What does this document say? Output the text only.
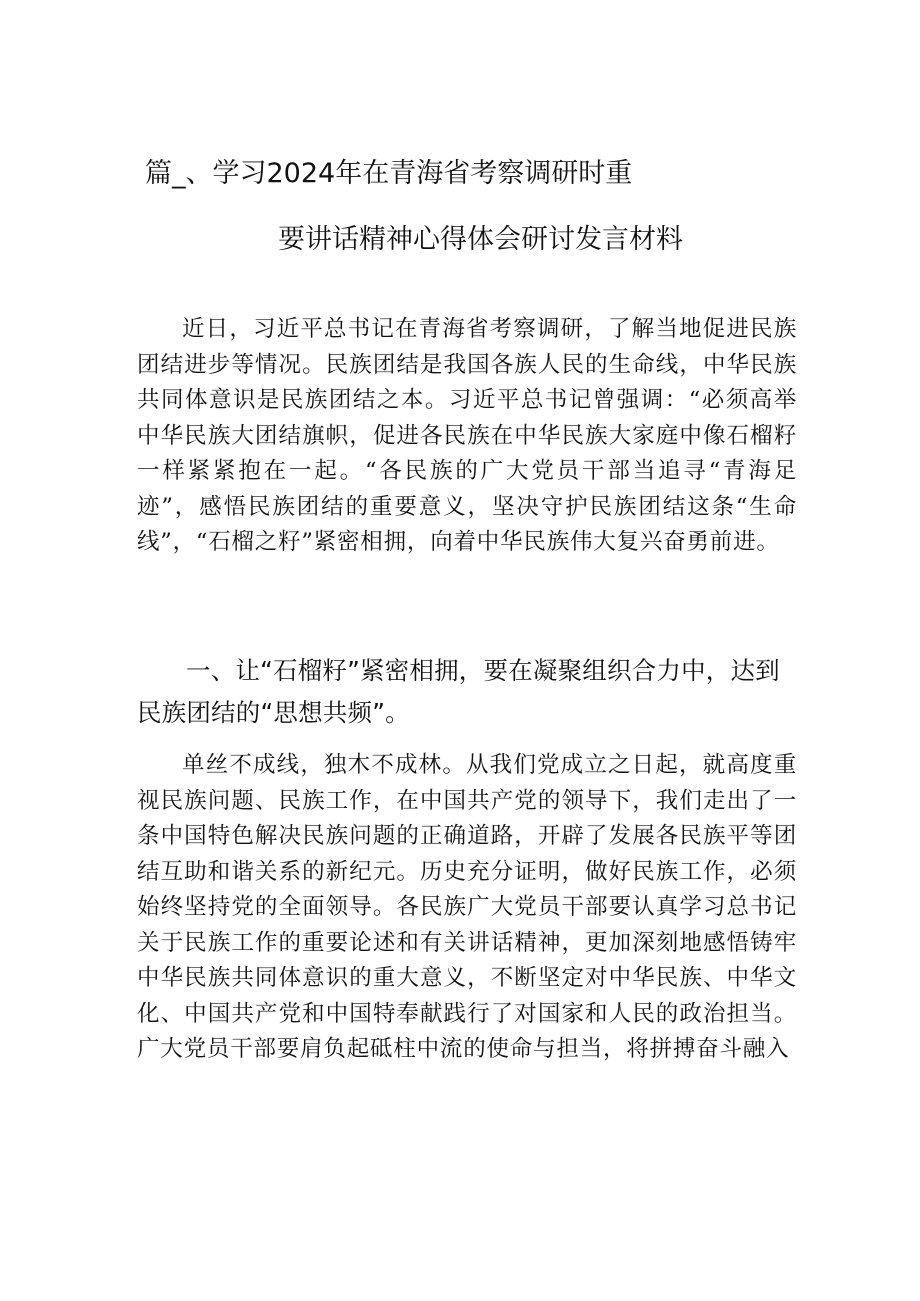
篇_、学习2024年在青海省考察调研时重
要讲话精神心得体会研讨发言材料

近日，习近平总书记在青海省考察调研，了解当地促进民族团结进步等情况。民族团结是我国各族人民的生命线，中华民族共同体意识是民族团结之本。习近平总书记曾强调：“必须高举中华民族大团结旗帜，促进各民族在中华民族大家庭中像石榴籽一样紧紧抱在一起。“各民族的广大党员干部当追寻“青海足迹”，感悟民族团结的重要意义，坚决守护民族团结这条“生命线”，“石榴之籽”紧密相拥，向着中华民族伟大复兴奋勇前进。

一、让“石榴籽”紧密相拥，要在凝聚组织合力中，达到民族团结的“思想共频”。

单丝不成线，独木不成林。从我们党成立之日起，就高度重视民族问题、民族工作，在中国共产党的领导下，我们走出了一条中国特色解决民族问题的正确道路，开辟了发展各民族平等团结互助和谐关系的新纪元。历史充分证明，做好民族工作，必须始终坚持党的全面领导。各民族广大党员干部要认真学习总书记关于民族工作的重要论述和有关讲话精神，更加深刻地感悟铸牢中华民族共同体意识的重大意义，不断坚定对中华民族、中华文化、中国共产党和中国特奉献践行了对国家和人民的政治担当。广大党员干部要肩负起砥柱中流的使命与担当，将拼搏奋斗融入
